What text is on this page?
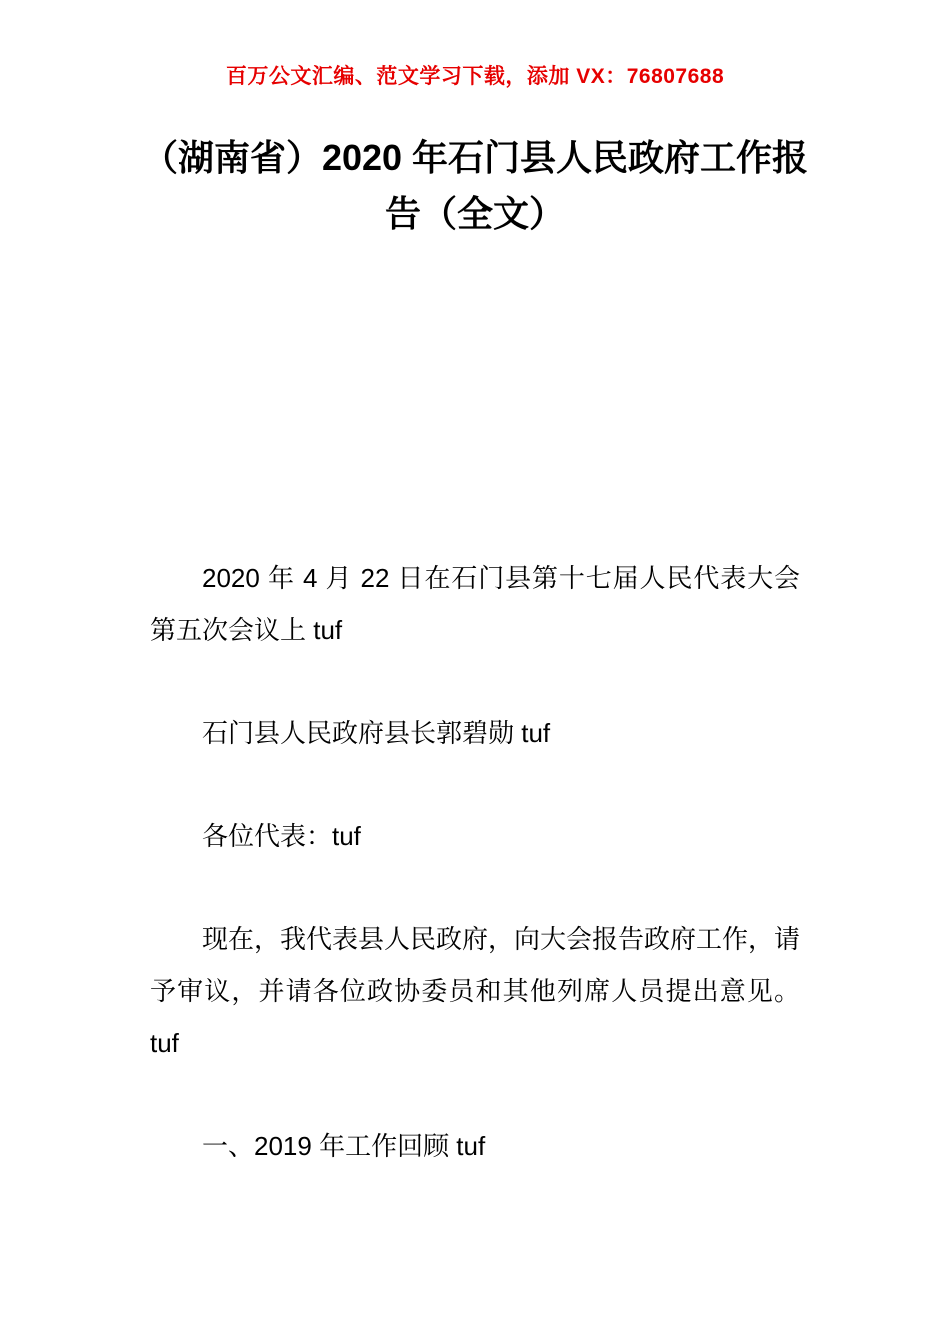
百万公文汇编、范文学习下载，添加 VX：76807688
（湖南省）2020 年石门县人民政府工作报告（全文）

2020 年 4 月 22 日在石门县第十七届人民代表大会第五次会议上 tuf

石门县人民政府县长郭碧勋 tuf

各位代表：tuf

现在，我代表县人民政府，向大会报告政府工作，请予审议，并请各位政协委员和其他列席人员提出意见。tuf

一、2019 年工作回顾 tuf
